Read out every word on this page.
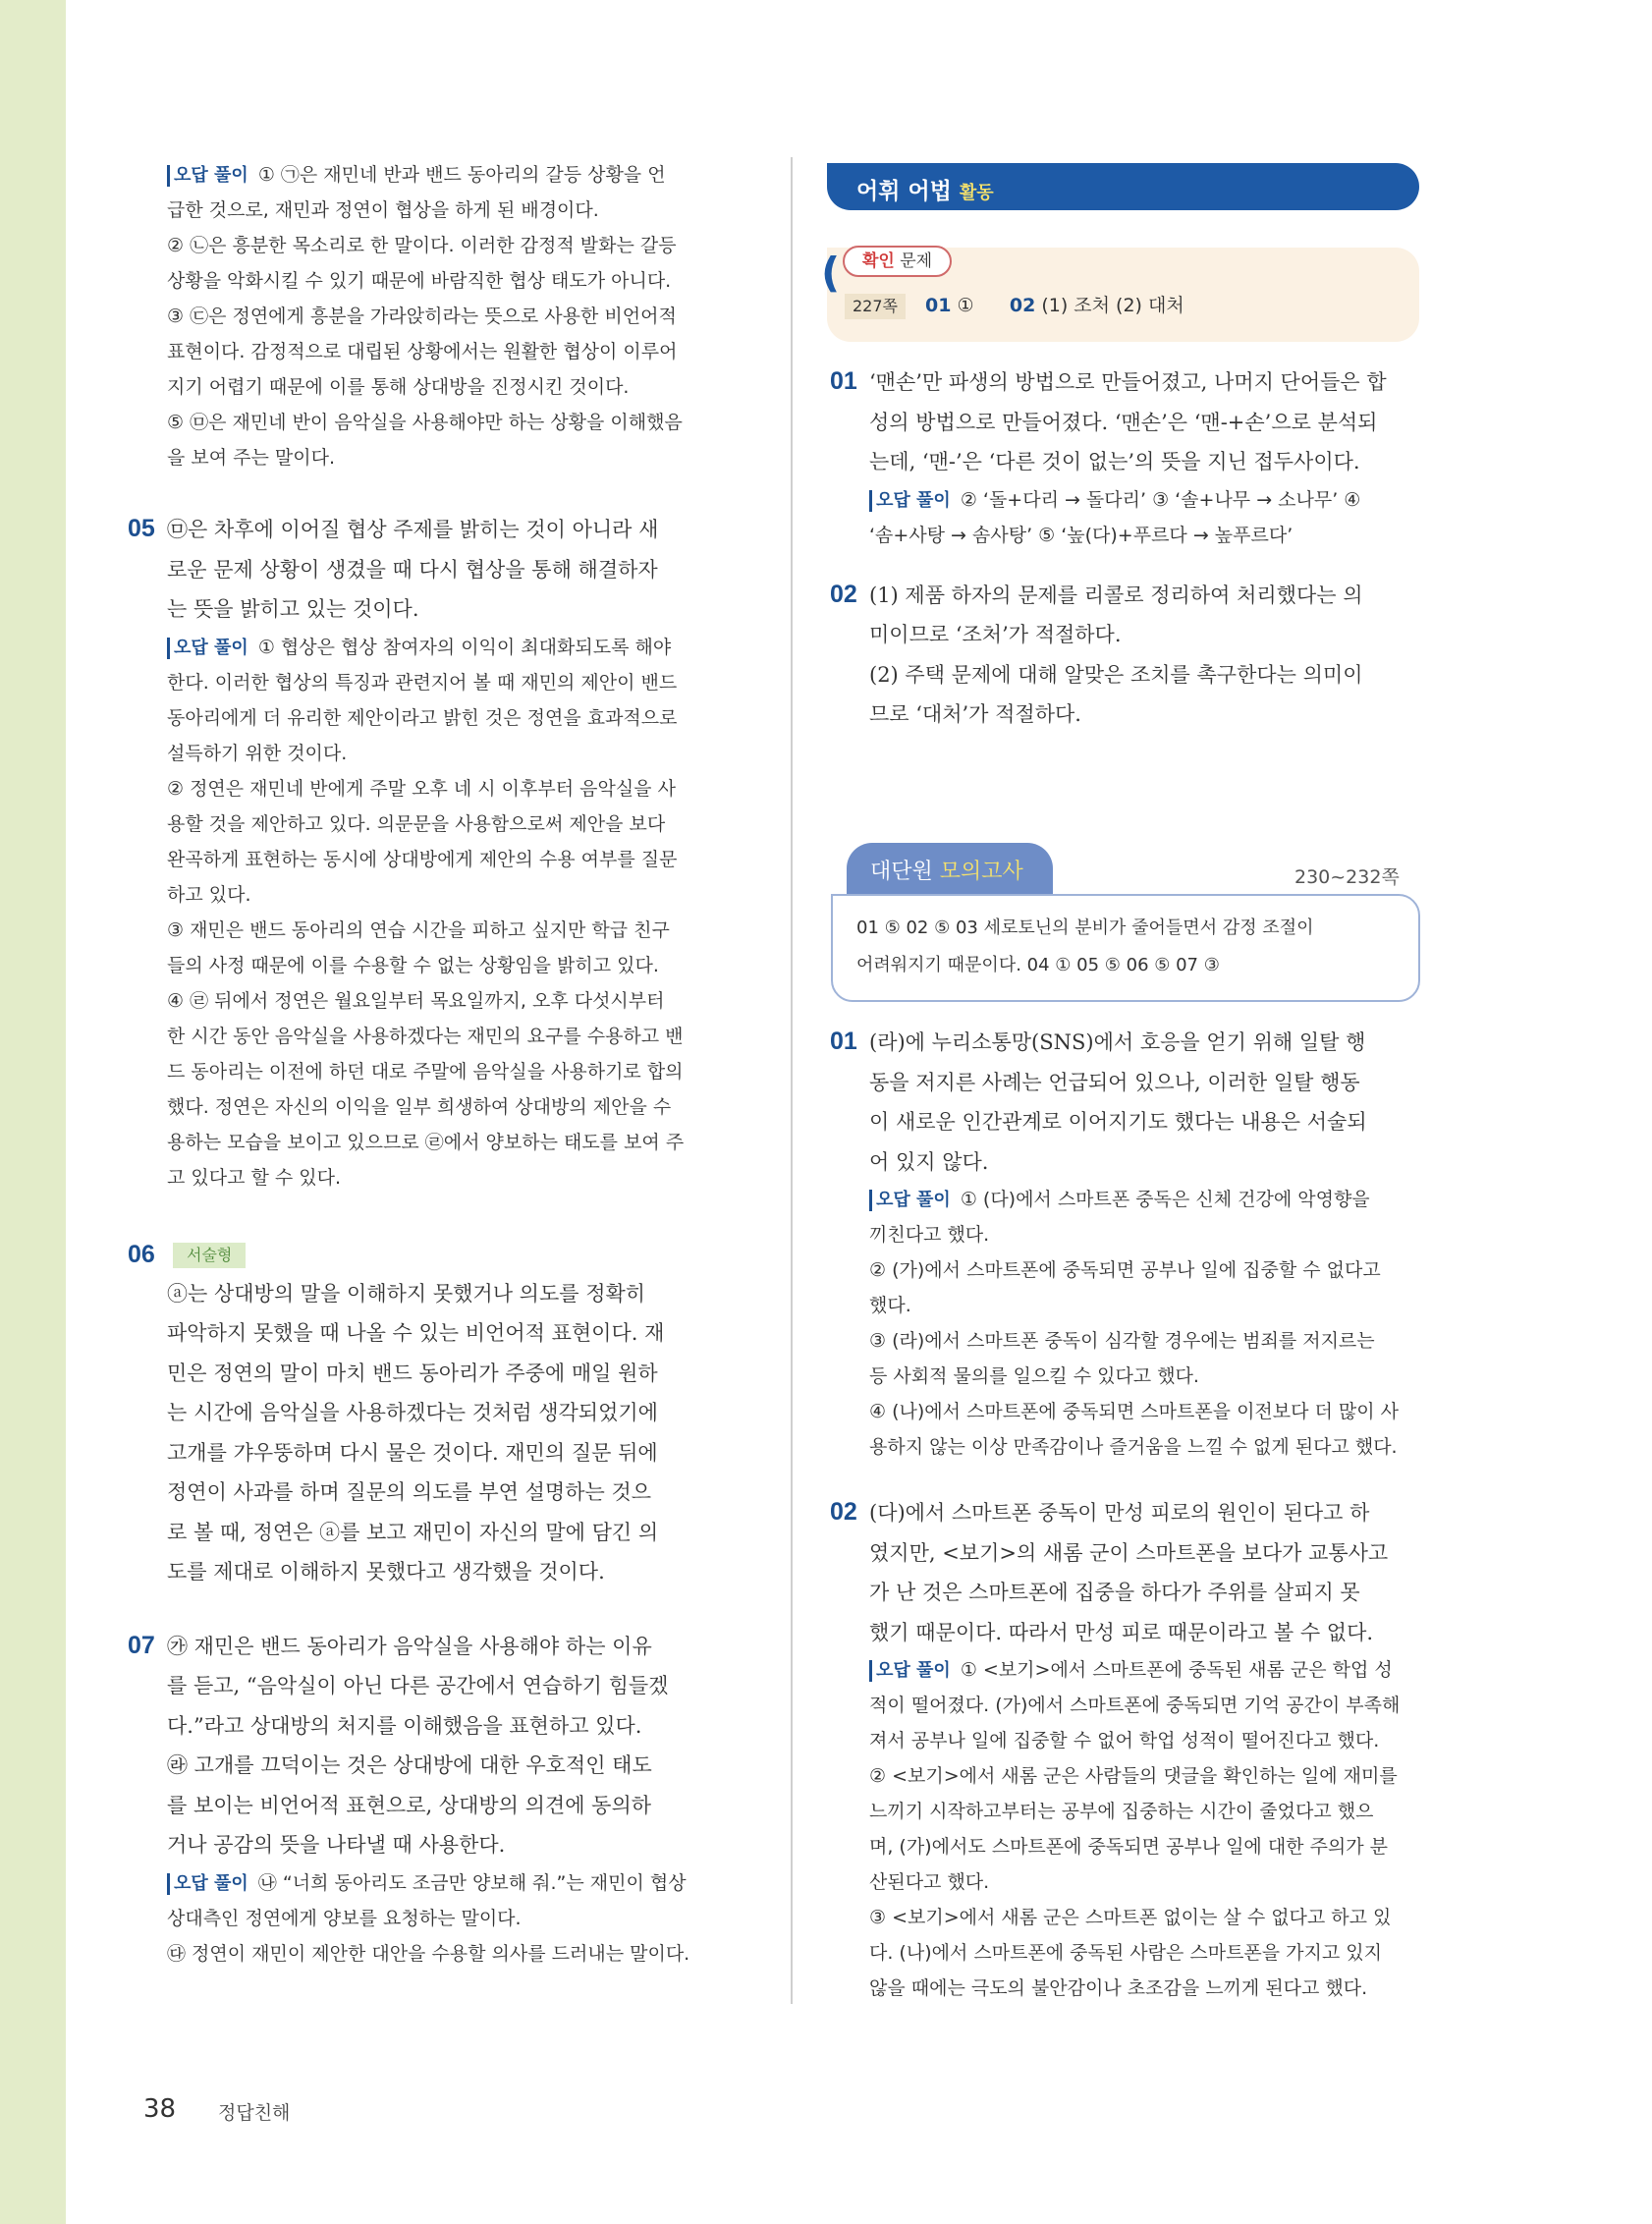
오답 풀이 ① ㉠은 재민네 반과 밴드 동아리의 갈등 상황을 언

급한 것으로, 재민과 정연이 협상을 하게 된 배경이다.

② ㉡은 흥분한 목소리로 한 말이다. 이러한 감정적 발화는 갈등

상황을 악화시킬 수 있기 때문에 바람직한 협상 태도가 아니다.

③ ㉢은 정연에게 흥분을 가라앉히라는 뜻으로 사용한 비언어적

표현이다. 감정적으로 대립된 상황에서는 원활한 협상이 이루어

지기 어렵기 때문에 이를 통해 상대방을 진정시킨 것이다.

⑤ ㉤은 재민네 반이 음악실을 사용해야만 하는 상황을 이해했음

을 보여 주는 말이다.

05 ㉤은 차후에 이어질 협상 주제를 밝히는 것이 아니라 새

로운 문제 상황이 생겼을 때 다시 협상을 통해 해결하자

는 뜻을 밝히고 있는 것이다.

오답 풀이 ① 협상은 협상 참여자의 이익이 최대화되도록 해야

한다. 이러한 협상의 특징과 관련지어 볼 때 재민의 제안이 밴드

동아리에게 더 유리한 제안이라고 밝힌 것은 정연을 효과적으로

설득하기 위한 것이다.

② 정연은 재민네 반에게 주말 오후 네 시 이후부터 음악실을 사

용할 것을 제안하고 있다. 의문문을 사용함으로써 제안을 보다

완곡하게 표현하는 동시에 상대방에게 제안의 수용 여부를 질문

하고 있다.

③ 재민은 밴드 동아리의 연습 시간을 피하고 싶지만 학급 친구

들의 사정 때문에 이를 수용할 수 없는 상황임을 밝히고 있다.

④ ㉣ 뒤에서 정연은 월요일부터 목요일까지, 오후 다섯시부터

한 시간 동안 음악실을 사용하겠다는 재민의 요구를 수용하고 밴

드 동아리는 이전에 하던 대로 주말에 음악실을 사용하기로 합의

했다. 정연은 자신의 이익을 일부 희생하여 상대방의 제안을 수

용하는 모습을 보이고 있으므로 ㉣에서 양보하는 태도를 보여 주

고 있다고 할 수 있다.

06 서술형

ⓐ는 상대방의 말을 이해하지 못했거나 의도를 정확히

파악하지 못했을 때 나올 수 있는 비언어적 표현이다. 재

민은 정연의 말이 마치 밴드 동아리가 주중에 매일 원하

는 시간에 음악실을 사용하겠다는 것처럼 생각되었기에

고개를 갸우뚱하며 다시 물은 것이다. 재민의 질문 뒤에

정연이 사과를 하며 질문의 의도를 부연 설명하는 것으

로 볼 때, 정연은 ⓐ를 보고 재민이 자신의 말에 담긴 의

도를 제대로 이해하지 못했다고 생각했을 것이다.

07 ㉮ 재민은 밴드 동아리가 음악실을 사용해야 하는 이유

를 듣고, “음악실이 아닌 다른 공간에서 연습하기 힘들겠

다.”라고 상대방의 처지를 이해했음을 표현하고 있다.

㉱ 고개를 끄덕이는 것은 상대방에 대한 우호적인 태도

를 보이는 비언어적 표현으로, 상대방의 의견에 동의하

거나 공감의 뜻을 나타낼 때 사용한다.

오답 풀이 ㉯ “너희 동아리도 조금만 양보해 줘.”는 재민이 협상

상대측인 정연에게 양보를 요청하는 말이다.

㉰ 정연이 재민이 제안한 대안을 수용할 의사를 드러내는 말이다.

어휘 어법 활동
(	확인 문제
227쪽 01 ① 02 (1) 조처 (2) 대처

01 ‘맨손’만 파생의 방법으로 만들어졌고, 나머지 단어들은 합

성의 방법으로 만들어졌다. ‘맨손’은 ‘맨-+손’으로 분석되

는데, ‘맨-’은 ‘다른 것이 없는’의 뜻을 지닌 접두사이다.

오답 풀이 ② ‘돌+다리 → 돌다리’ ③ ‘솔+나무 → 소나무’ ④

‘솜+사탕 → 솜사탕’ ⑤ ‘높(다)+푸르다 → 높푸르다’

02 (1) 제품 하자의 문제를 리콜로 정리하여 처리했다는 의

미이므로 ‘조처’가 적절하다.

(2) 주택 문제에 대해 알맞은 조치를 촉구한다는 의미이

므로 ‘대처’가 적절하다.

대단원 모의고사	230~232쪽
01 ⑤ 02 ⑤ 03 세로토닌의 분비가 줄어들면서 감정 조절이
어려워지기 때문이다. 04 ① 05 ⑤ 06 ⑤ 07 ③

01 (라)에 누리소통망(SNS)에서 호응을 얻기 위해 일탈 행

동을 저지른 사례는 언급되어 있으나, 이러한 일탈 행동

이 새로운 인간관계로 이어지기도 했다는 내용은 서술되

어 있지 않다.

오답 풀이 ① (다)에서 스마트폰 중독은 신체 건강에 악영향을

끼친다고 했다.

② (가)에서 스마트폰에 중독되면 공부나 일에 집중할 수 없다고

했다.

③ (라)에서 스마트폰 중독이 심각할 경우에는 범죄를 저지르는

등 사회적 물의를 일으킬 수 있다고 했다.

④ (나)에서 스마트폰에 중독되면 스마트폰을 이전보다 더 많이 사

용하지 않는 이상 만족감이나 즐거움을 느낄 수 없게 된다고 했다.

02 (다)에서 스마트폰 중독이 만성 피로의 원인이 된다고 하

였지만, <보기>의 새롬 군이 스마트폰을 보다가 교통사고

가 난 것은 스마트폰에 집중을 하다가 주위를 살피지 못

했기 때문이다. 따라서 만성 피로 때문이라고 볼 수 없다.

오답 풀이 ① <보기>에서 스마트폰에 중독된 새롬 군은 학업 성

적이 떨어졌다. (가)에서 스마트폰에 중독되면 기억 공간이 부족해

져서 공부나 일에 집중할 수 없어 학업 성적이 떨어진다고 했다.

② <보기>에서 새롬 군은 사람들의 댓글을 확인하는 일에 재미를

느끼기 시작하고부터는 공부에 집중하는 시간이 줄었다고 했으

며, (가)에서도 스마트폰에 중독되면 공부나 일에 대한 주의가 분

산된다고 했다.

③ <보기>에서 새롬 군은 스마트폰 없이는 살 수 없다고 하고 있

다. (나)에서 스마트폰에 중독된 사람은 스마트폰을 가지고 있지

않을 때에는 극도의 불안감이나 초조감을 느끼게 된다고 했다.

38 정답친해
